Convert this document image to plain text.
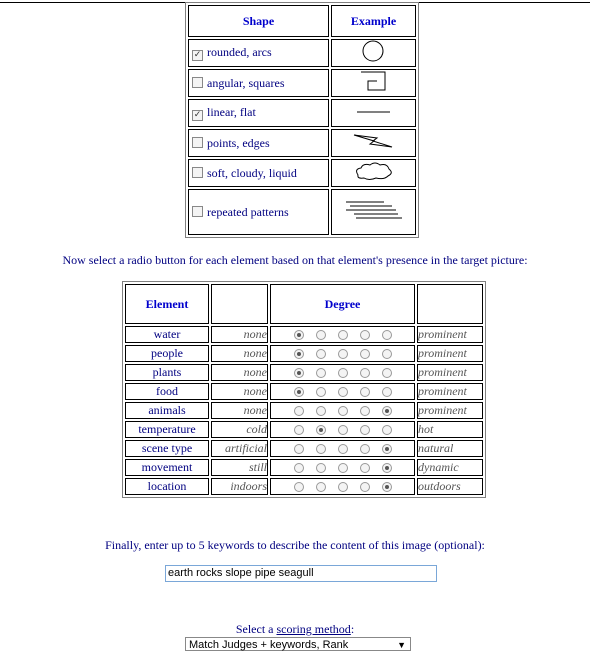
Shape	Example
✓ rounded, arcs	
angular, squares	
✓ linear, flat	
points, edges	
soft, cloudy, liquid	
repeated patterns	
Now select a radio button for each element based on that element's presence in the target picture:
Element		Degree	
water	none		prominent
people	none		prominent
plants	none		prominent
food	none		prominent
animals	none		prominent
temperature	cold		hot
scene type	artificial		natural
movement	still		dynamic
location	indoors		outdoors
Finally, enter up to 5 keywords to describe the content of this image (optional):
earth rocks slope pipe seagull
Select a scoring method:
Match Judges + keywords, Rank	▼
